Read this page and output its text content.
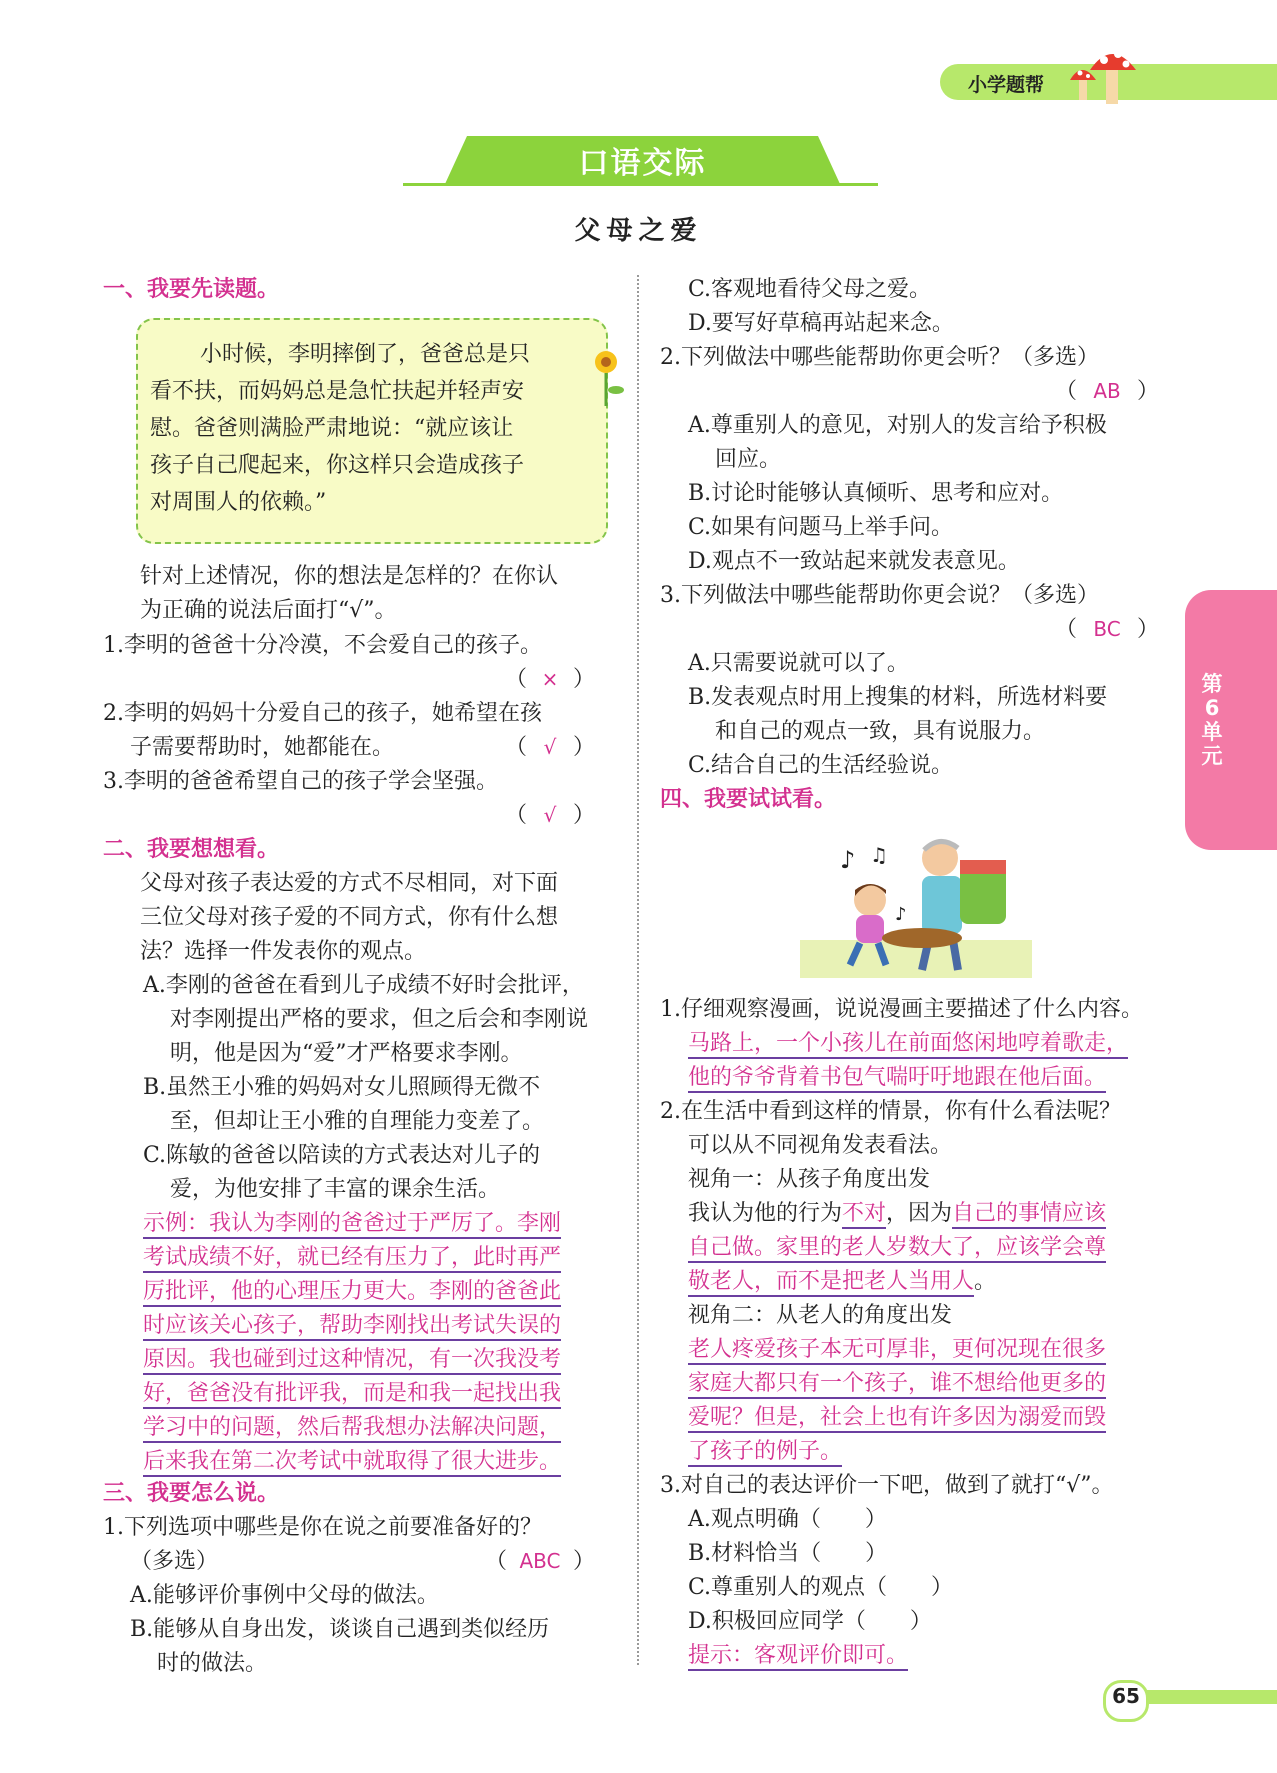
小学题帮
口语交际
父母之爱
一、我要先读题。
小时候，李明摔倒了，爸爸总是只
看不扶，而妈妈总是急忙扶起并轻声安
慰。爸爸则满脸严肃地说：“就应该让
孩子自己爬起来，你这样只会造成孩子
对周围人的依赖。”
针对上述情况，你的想法是怎样的？在你认
为正确的说法后面打“√”。
1.李明的爸爸十分冷漠，不会爱自己的孩子。
（ × ）
2.李明的妈妈十分爱自己的孩子，她希望在孩
子需要帮助时，她都能在。	（ √ ）
3.李明的爸爸希望自己的孩子学会坚强。
（ √ ）
二、我要想想看。
父母对孩子表达爱的方式不尽相同，对下面
三位父母对孩子爱的不同方式，你有什么想
法？选择一件发表你的观点。
A.李刚的爸爸在看到儿子成绩不好时会批评，
对李刚提出严格的要求，但之后会和李刚说
明，他是因为“爱”才严格要求李刚。
B.虽然王小雅的妈妈对女儿照顾得无微不
至，但却让王小雅的自理能力变差了。
C.陈敏的爸爸以陪读的方式表达对儿子的
爱，为他安排了丰富的课余生活。
示例：我认为李刚的爸爸过于严厉了。李刚
考试成绩不好，就已经有压力了，此时再严
厉批评，他的心理压力更大。李刚的爸爸此
时应该关心孩子，帮助李刚找出考试失误的
原因。我也碰到过这种情况，有一次我没考
好，爸爸没有批评我，而是和我一起找出我
学习中的问题，然后帮我想办法解决问题，
后来我在第二次考试中就取得了很大进步。
三、我要怎么说。
1.下列选项中哪些是你在说之前要准备好的？
（多选）	（ ABC ）
A.能够评价事例中父母的做法。
B.能够从自身出发，谈谈自己遇到类似经历
时的做法。
C.客观地看待父母之爱。
D.要写好草稿再站起来念。
2.下列做法中哪些能帮助你更会听？（多选）
（ AB ）
A.尊重别人的意见，对别人的发言给予积极
回应。
B.讨论时能够认真倾听、思考和应对。
C.如果有问题马上举手问。
D.观点不一致站起来就发表意见。
3.下列做法中哪些能帮助你更会说？（多选）
（ BC ）
A.只需要说就可以了。
B.发表观点时用上搜集的材料，所选材料要
和自己的观点一致，具有说服力。
C.结合自己的生活经验说。
四、我要试试看。
第
6
单
元
♪ ♫
♪
1.仔细观察漫画，说说漫画主要描述了什么内容。
马路上，一个小孩儿在前面悠闲地哼着歌走，
他的爷爷背着书包气喘吁吁地跟在他后面。
2.在生活中看到这样的情景，你有什么看法呢？
可以从不同视角发表看法。
视角一：从孩子角度出发
我认为他的行为不对，因为自己的事情应该
自己做。家里的老人岁数大了，应该学会尊
敬老人，而不是把老人当用人。
视角二：从老人的角度出发
老人疼爱孩子本无可厚非，更何况现在很多
家庭大都只有一个孩子，谁不想给他更多的
爱呢？但是，社会上也有许多因为溺爱而毁
了孩子的例子。
3.对自己的表达评价一下吧，做到了就打“√”。
A.观点明确（　　）
B.材料恰当（　　）
C.尊重别人的观点（　　）
D.积极回应同学（　　）
提示：客观评价即可。
65
